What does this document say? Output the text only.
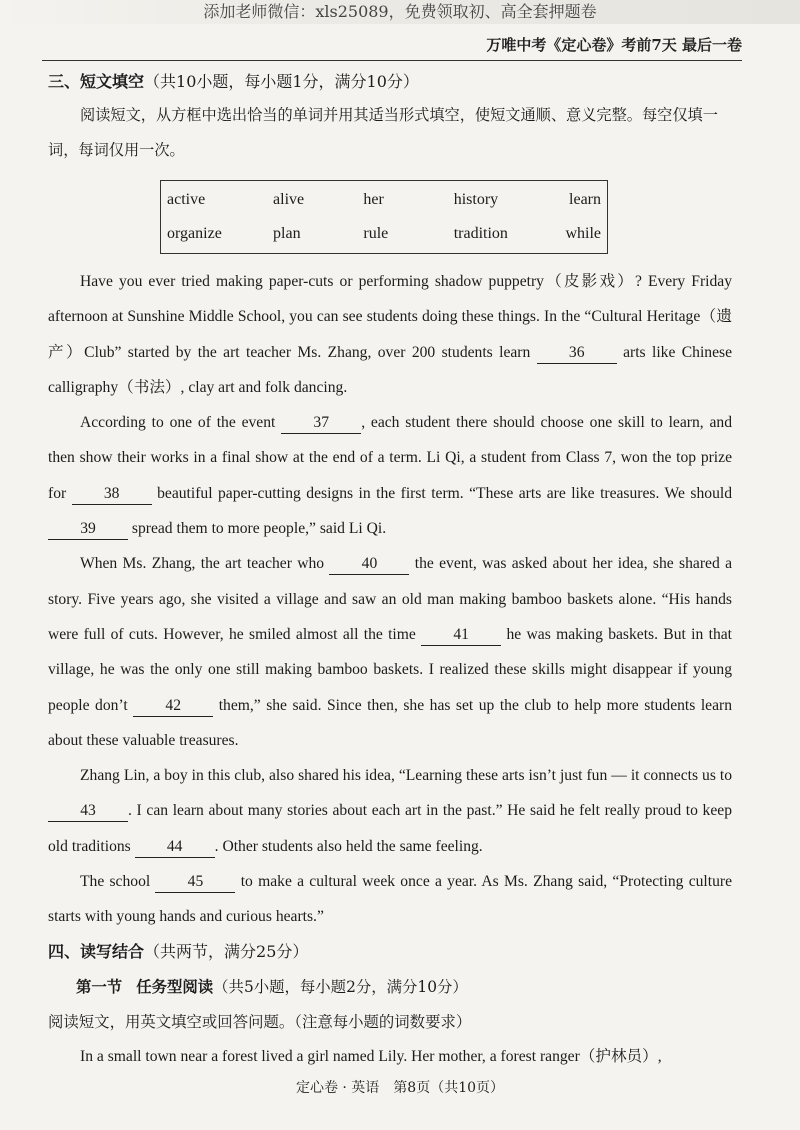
添加老师微信：xls25089，免费领取初、高全套押题卷
万唯中考《定心卷》考前7天 最后一卷
三、短文填空（共10小题，每小题1分，满分10分）

阅读短文，从方框中选出恰当的单词并用其适当形式填空，使短文通顺、意义完整。每空仅填一词，每词仅用一次。

active	alive	her	history	learn
organize	plan	rule	tradition	while

Have you ever tried making paper-cuts or performing shadow puppetry（皮影戏）? Every Friday afternoon at Sunshine Middle School, you can see students doing these things. In the “Cultural Heritage（遗产）Club” started by the art teacher Ms. Zhang, over 200 students learn 36 arts like Chinese calligraphy（书法）, clay art and folk dancing.

According to one of the event 37 , each student there should choose one skill to learn, and then show their works in a final show at the end of a term. Li Qi, a student from Class 7, won the top prize for 38 beautiful paper-cutting designs in the first term. “These arts are like treasures. We should 39 spread them to more people,” said Li Qi.

When Ms. Zhang, the art teacher who 40 the event, was asked about her idea, she shared a story. Five years ago, she visited a village and saw an old man making bamboo baskets alone. “His hands were full of cuts. However, he smiled almost all the time 41 he was making baskets. But in that village, he was the only one still making bamboo baskets. I realized these skills might disappear if young people don’t 42 them,” she said. Since then, she has set up the club to help more students learn about these valuable treasures.

Zhang Lin, a boy in this club, also shared his idea, “Learning these arts isn’t just fun — it connects us to 43 . I can learn about many stories about each art in the past.” He said he felt really proud to keep old traditions 44 . Other students also held the same feeling.

The school 45 to make a cultural week once a year. As Ms. Zhang said, “Protecting culture starts with young hands and curious hearts.”

四、读写结合（共两节，满分25分）
第一节 任务型阅读（共5小题，每小题2分，满分10分）
阅读短文，用英文填空或回答问题。（注意每小题的词数要求）
In a small town near a forest lived a girl named Lily. Her mother, a forest ranger（护林员）,
定心卷 · 英语　第8页（共10页）
